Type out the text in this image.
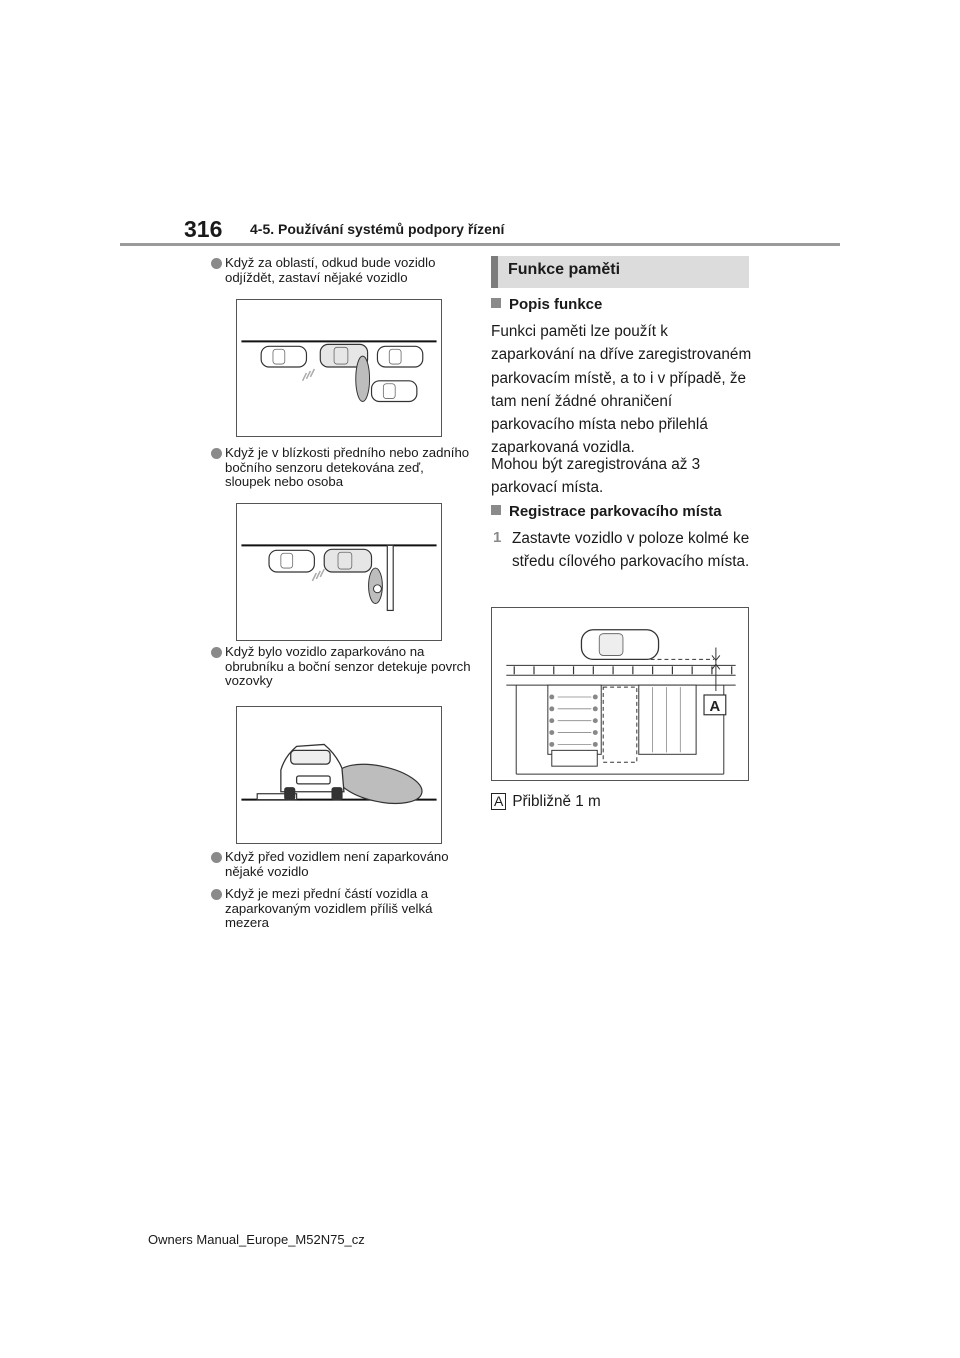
316 4-5. Používání systémů podpory řízení
Když za oblastí, odkud bude vozidlo odjíždět, zastaví nějaké vozidlo
Když je v blízkosti předního nebo zadního bočního senzoru detekována zeď, sloupek nebo osoba
Když bylo vozidlo zaparkováno na obrubníku a boční senzor detekuje povrch vozovky
Když před vozidlem není zaparkováno nějaké vozidlo
Když je mezi přední částí vozidla a zaparkovaným vozidlem příliš velká mezera
Funkce paměti
Popis funkce
Funkci paměti lze použít k zaparkování na dříve zaregistrovaném parkovacím místě, a to i v případě, že tam není žádné ohraničení parkovacího místa nebo přilehlá zaparkovaná vozidla.
Mohou být zaregistrována až 3 parkovací místa.
Registrace parkovacího místa
1 Zastavte vozidlo v poloze kolmé ke středu cílového parkovacího místa.
A
A Přibližně 1 m
Owners Manual_Europe_M52N75_cz
